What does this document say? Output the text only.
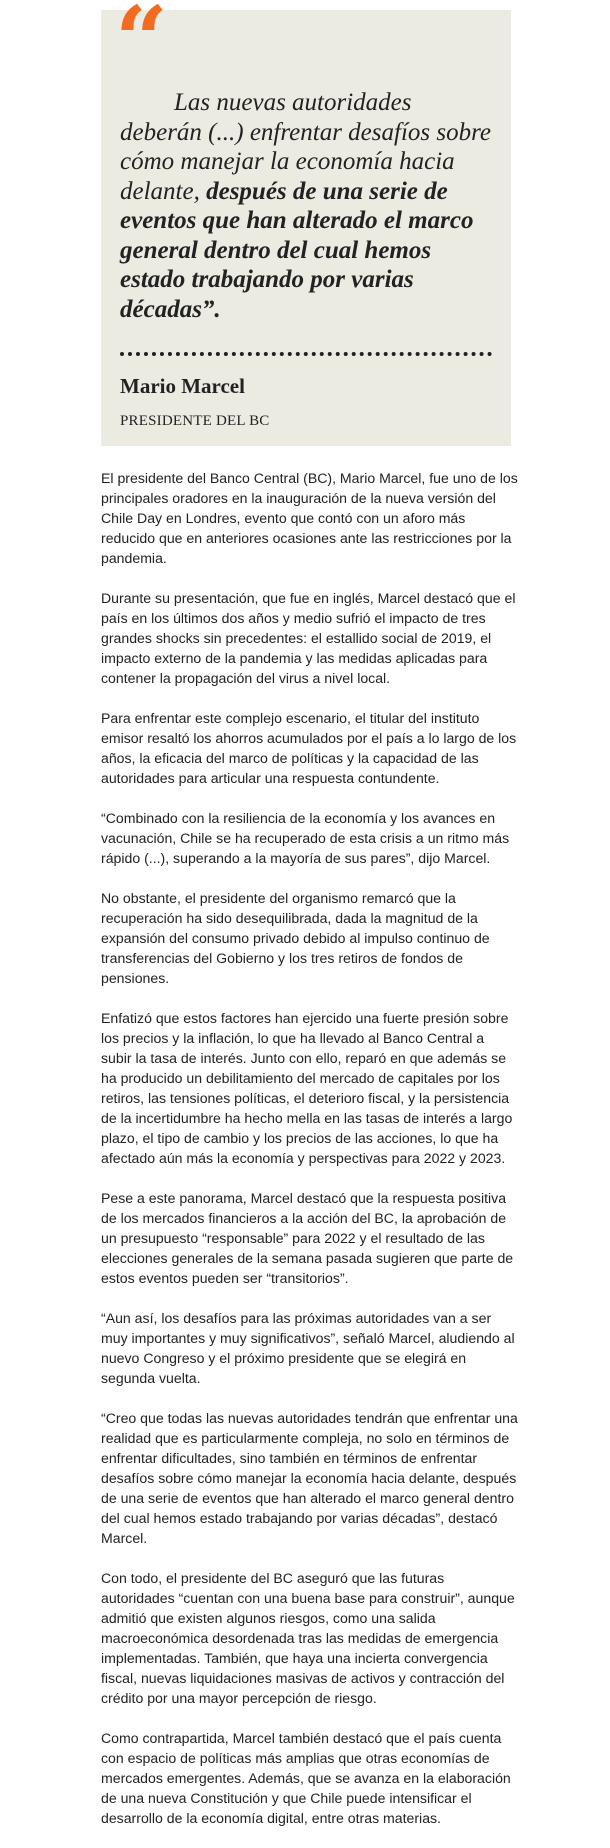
“

Las nuevas autoridades deberán (...) enfrentar desafíos sobre cómo manejar la economía hacia delante, después de una serie de eventos que han alterado el marco general dentro del cual hemos estado trabajando por varias décadas”.

Mario Marcel
PRESIDENTE DEL BC

El presidente del Banco Central (BC), Mario Marcel, fue uno de los principales oradores en la inauguración de la nueva versión del Chile Day en Londres, evento que contó con un aforo más reducido que en anteriores ocasiones ante las restricciones por la pandemia.

Durante su presentación, que fue en inglés, Marcel destacó que el país en los últimos dos años y medio sufrió el impacto de tres grandes shocks sin precedentes: el estallido social de 2019, el impacto externo de la pandemia y las medidas aplicadas para contener la propagación del virus a nivel local.

Para enfrentar este complejo escenario, el titular del instituto emisor resaltó los ahorros acumulados por el país a lo largo de los años, la eficacia del marco de políticas y la capacidad de las autoridades para articular una respuesta contundente.

“Combinado con la resiliencia de la economía y los avances en vacunación, Chile se ha recuperado de esta crisis a un ritmo más rápido (...), superando a la mayoría de sus pares”, dijo Marcel.

No obstante, el presidente del organismo remarcó que la recuperación ha sido desequilibrada, dada la magnitud de la expansión del consumo privado debido al impulso continuo de transferencias del Gobierno y los tres retiros de fondos de pensiones.

Enfatizó que estos factores han ejercido una fuerte presión sobre los precios y la inflación, lo que ha llevado al Banco Central a subir la tasa de interés. Junto con ello, reparó en que además se ha producido un debilitamiento del mercado de capitales por los retiros, las tensiones políticas, el deterioro fiscal, y la persistencia de la incertidumbre ha hecho mella en las tasas de interés a largo plazo, el tipo de cambio y los precios de las acciones, lo que ha afectado aún más la economía y perspectivas para 2022 y 2023.

Pese a este panorama, Marcel destacó que la respuesta positiva de los mercados financieros a la acción del BC, la aprobación de un presupuesto “responsable” para 2022 y el resultado de las elecciones generales de la semana pasada sugieren que parte de estos eventos pueden ser “transitorios”.

“Aun así, los desafíos para las próximas autoridades van a ser muy importantes y muy significativos”, señaló Marcel, aludiendo al nuevo Congreso y el próximo presidente que se elegirá en segunda vuelta.

“Creo que todas las nuevas autoridades tendrán que enfrentar una realidad que es particularmente compleja, no solo en términos de enfrentar dificultades, sino también en términos de enfrentar desafíos sobre cómo manejar la economía hacia delante, después de una serie de eventos que han alterado el marco general dentro del cual hemos estado trabajando por varias décadas”, destacó Marcel.

Con todo, el presidente del BC aseguró que las futuras autoridades “cuentan con una buena base para construir”, aunque admitió que existen algunos riesgos, como una salida macroeconómica desordenada tras las medidas de emergencia implementadas. También, que haya una incierta convergencia fiscal, nuevas liquidaciones masivas de activos y contracción del crédito por una mayor percepción de riesgo.

Como contrapartida, Marcel también destacó que el país cuenta con espacio de políticas más amplias que otras economías de mercados emergentes. Además, que se avanza en la elaboración de una nueva Constitución y que Chile puede intensificar el desarrollo de la economía digital, entre otras materias.
